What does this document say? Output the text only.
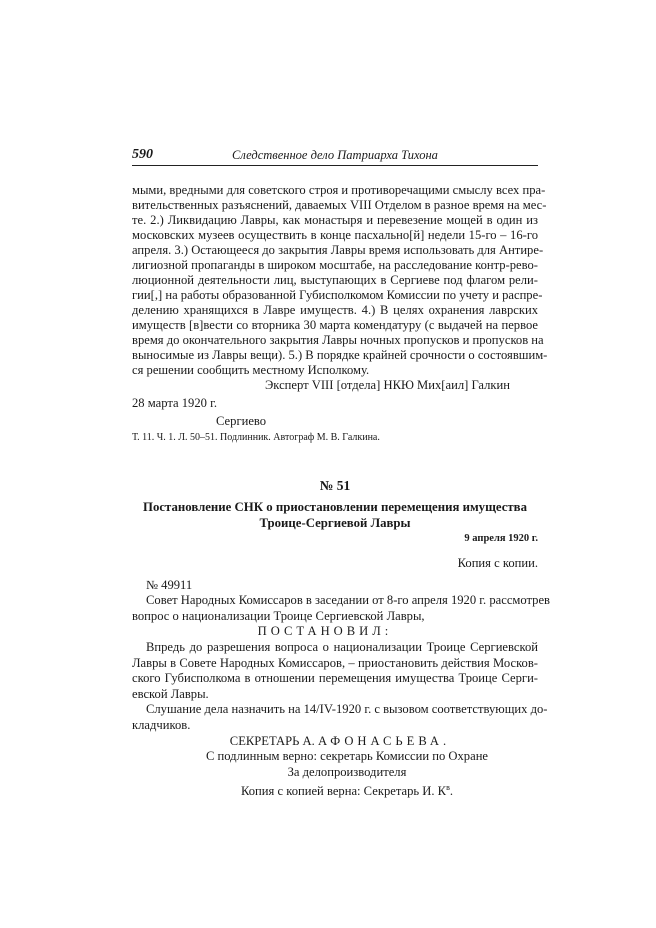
590	Следственное дело Патриарха Тихона

мыми, вредными для советского строя и противоречащими смыслу всех пра-

вительственных разъяснений, даваемых VIII Отделом в разное время на мес-

те. 2.) Ликвидацию Лавры, как монастыря и перевезение мощей в один из

московских музеев осуществить в конце пасхально[й] недели 15-го – 16-го

апреля. 3.) Остающееся до закрытия Лавры время использовать для Антире-

лигиозной пропаганды в широком мосштабе, на расследование контр-рево-

люционной деятельности лиц, выступающих в Сергиеве под флагом рели-

гии[,] на работы образованной Губисполкомом Комиссии по учету и распре-

делению хранящихся в Лавре имуществ. 4.) В целях охранения лаврских

имуществ [в]вести со вторника 30 марта комендатуру (с выдачей на первое

время до окончательного закрытия Лавры ночных пропусков и пропусков на

выносимые из Лавры вещи). 5.) В порядке крайней срочности о состоявшим-

ся решении сообщить местному Исполкому.

Эксперт VIII [отдела] НКЮ Мих[аил] Галкин

28 марта 1920 г.

Сергиево

Т. 11. Ч. 1. Л. 50–51. Подлинник. Автограф М. В. Галкина.
№ 51
Постановление СНК о приостановлении перемещения имущества
Троице-Сергиевой Лавры
9 апреля 1920 г.

Копия с копии.

№ 49911

Совет Народных Комиссаров в заседании от 8-го апреля 1920 г. рассмотрев

вопрос о национализации Троице Сергиевской Лавры,

ПОСТАНОВИЛ:

Впредь до разрешения вопроса о национализации Троице Сергиевской

Лавры в Совете Народных Комиссаров, – приостановить действия Москов-

ского Губисполкома в отношении перемещения имущества Троице Серги-

евской Лавры.

Слушание дела назначить на 14/IV-1920 г. с вызовом соответствующих до-

кладчиков.

СЕКРЕТАРЬ А. АФОНАСЬЕВА.

С подлинным верно: секретарь Комиссии по Охране

За делопроизводителя

Копия с копией верна: Секретарь И. $К^в$.
